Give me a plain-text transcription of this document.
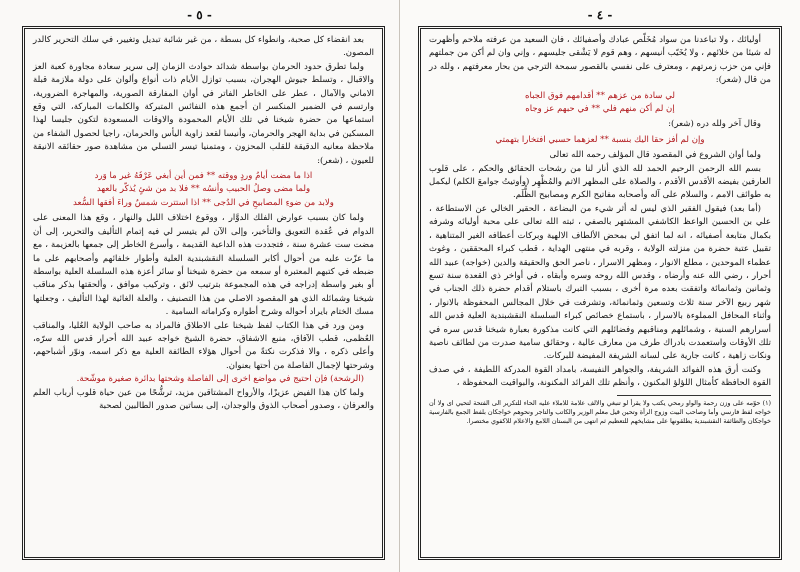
- ٥ -

بعد انقضاء كل صحبة، وانطواء كل بسطة ، من غير شائبة تبديل وتغيير، في سلك التحرير كالدر المصون.

ولما تطرق حدود الحرمان بواسطة شدائد حوادث الزمان إلى سرير سعادة مجاورة كعبة العز والاقبال ، وتسلط جيوش الهجران، بسبب توازل الأيام ذات أنواع وألوان على دولة ملازمة قبلة الاماني والآمال ، عطر على الخاطر الفاتر في أوان المفارقة الصورية، والمهاجرة الضرورية، وارتسم في الضمير المنكسر ان أجمع هذه النفائس المتبركة والكلمات المباركة، التي وقع استماعها من حضرة شيخنا في تلك الأيام المحمودة والاوقات المسعودة لتكون جليسا لهذا المسكين في بداية الهجر والحرمان، وأنيسا لقعد زاوية اليأس والحرمان، راجيا لحصول الشفاء من ملاحظة معانيه الدقيقة للقلب المحزون ، ومتمنيا تيسر التسلي من مشاهدة صور حقائقه الانيقة للعيون ، (شعر):

اذا ما مضت أيامُ وردٍ ووقته ** فمن أين أبغي عَرْفَهُ غير ما وَرد
ولما مضى وصلُ الحبيب وأنسُه ** فلا بد من شئٍ يُذكّر بالعهد
ولابد من ضوءِ المصابيحِ في الدُجى ** اذا استترت شمسٌ وراءَ أفقها السُّعد

ولما كان بسبب عوارض الفلك الدوَّار ، ووقوع اختلاف الليل والنهار ، وقع هذا المعنى على الدوام في عُقدة التعويق والتأخير، وإلى الآن لم يتيسر لي فيه إتمام التأليف والتحرير، إلى أن مضت ست عشرة سنة ، فتجددت هذه الداعية القديمة ، وأسرع الخاطر إلى جمعها بالعزيمة ، مع ما عزّت عليه من أحوال أكابر السلسلة النقشبندية العلية وأطوار خلفائهم وأصحابهم على ما ضبطه في كتبهم المعتبرة أو سمعه من حضرة شيخنا أو سائر أعزة هذه السلسلة العلية بواسطة أو بغير واسطة إدراجه في هذه المجموعة بترتيب لائق ، وتركيب موافق ، وألحقتها بذكر مناقب شيخنا وشمائله الذي هو المقصود الاصلي من هذا التصنيف ، والعلة الغائية لهذا التأليف ، وجعلتها مسك الختام بايراد أحواله وشرح أطواره وكراماته السامية .

ومن ورد في هذا الكتاب لفظ شيخنا على الاطلاق فالمراد به صاحب الولاية العُليا، والمناقب العُظمى، قطب الآفاق، منبع الاشفاق، حضرة الشيخ خواجه عبيد الله أحرار قدس الله سرّه، وأعلى ذكره ، والا فذكرت نكتةً من أحوال هؤلاء الطائفة العلية مع ذكر اسمه، ونوّر أشباحهم، وشرحتها لإجمال الفاصلة من أحتها بعنوان.

(الرشحة) فإن احتيج في مواضع اخرى إلى الفاصلة وشحتها بدائرة صغيرة موشّحة.

ولما كان هذا الفيض عزيزًا، والأرواح المشتاقين مزيد، ترشُّحًا من عين حياة قلوب أرباب العلم والعرفان ، وصدور أصحاب الذوق والوجدان، إلى بساتين صدور الطالبين لصحبة

- ٤ -

أوليائك ، ولا تباعدنا من سواد مُخَلّص عبادك وأصفيائك ، فان السعيد من عرفته ملاحم وأظهرت له شيئا من خلائهم ، ولا يُخَيّب أنيسهم ، وهم قوم لا يَشْقى جليسهم ، وإني وان لم أكن من جملتهم فإني من حزب زمرتهم ، ومعترف على نفسي بالقصور سمحة الترجي من بحار معرفتهم ، ولله در من قال (شعر):

لي سادة من عزهم ** أقدامهم فوق الجباه
إن لم أكن منهم فلي ** في حبهم عز وجاه

وقال آخر ولله دره (شعر):

وإن لم أفز حقا اليك بنسبة ** لعزهما حسبي افتخارا بتهمتي

ولما أوان الشروع في المقصود قال المؤلف رحمه الله تعالى

بسم الله الرحمن الرحيم الحمد لله الذي أنار لنا من رشحات الحقائق والحكم ، على قلوب العارفين بفيضه الأقدس الأقدم ، والصلاة على المظهر الاتم والمُظْهِر (وأوتيتُ جوامعَ الكلم) ليكمل به طوائف الامم ، والسلام على آله وأصحابه مفاتيح الكرم ومصابيح الظُّلَم.

(أما بعد) فيقول الفقير الذي ليس له أثر شيء من البضاعة ، الحقير الخالي عن الاستطاعة ، علي بن الحسين الواعظ الكاشفي المشتهر بالصفي ، ثبته الله تعالى على محبة أوليائه وشرفه بكمال متابعة أصفيائه ، انه لما اتفق لي بمحض الألطاف الالهية وبركات أعطافه الغير المتناهية ، تقبيل عتبة حضرة من منزلته الولاية ، وقربه في منتهى الهداية ، قطب كبراء المحققين ، وغوث عظماء الموحدين ، مطلع الانوار ، ومظهر الاسرار ، ناصر الحق والحقيقة والدين (خواجه) عبيد الله أحرار ، رضي الله عنه وأرضاه ، وقدس الله روحه وسره وأبقاه ، في أواخر ذي القعدة سنة تسع وثمانين وثمانمائة واتفقت بعده مرة أخرى ، بسبب التبرك باستلام أقدام حضرة ذلك الجناب في شهر ربيع الآخر سنة ثلاث وتسعين وثمانمائة، وتشرفت في خلال المجالس المحفوظة بالانوار ، وأثناء المحافل المملوءة بالاسرار ، باستماع خصائص كبراء السلسلة النقشبندية العلية قدس الله أسرارهم السنية ، وشمائلهم ومناقبهم وفضائلهم التي كانت مذكورة بعبارة شيخنا قدس سره في تلك الأوقات واستعمدت بادراك طرف من معارف عالية ، وحقائق سامية صدرت من لطائف ناصية ونكات زاهية ، كانت جارية على لسانه الشريفة المفيضة للبركات.

وكنت أرق هذه الفوائد الشريفة، والجواهر النفيسة، بامداد القوة المدركة اللطيفة ، في صدف القوة الحافظة كأمثال اللؤلؤ المكنون ، وأنظم تلك الفرائد المكنونة، والبواقيت المحفوظة ،

(١) حوّمه على وزن رحمة والواو رمحي يكتب ولا يقرأ لو تنبغي والالف علامة للاملاء عليه الحاء للتكرير الى الفتحة لتحيي اى ولا أن خواجه لفظ فارسي وأما وصاحب البيت وزوج الرأة وتحين قيل معلم الوزير والكاتب والتاجر ونحوهم خواجكان بلفظ الجمع بالفارسية خواجكان والطائفة النقشبندية يطلقونها على مشايخهم للتعظيم ثم انتهى من البستان اللامع والاعلام للاكفوي مختصرا.
